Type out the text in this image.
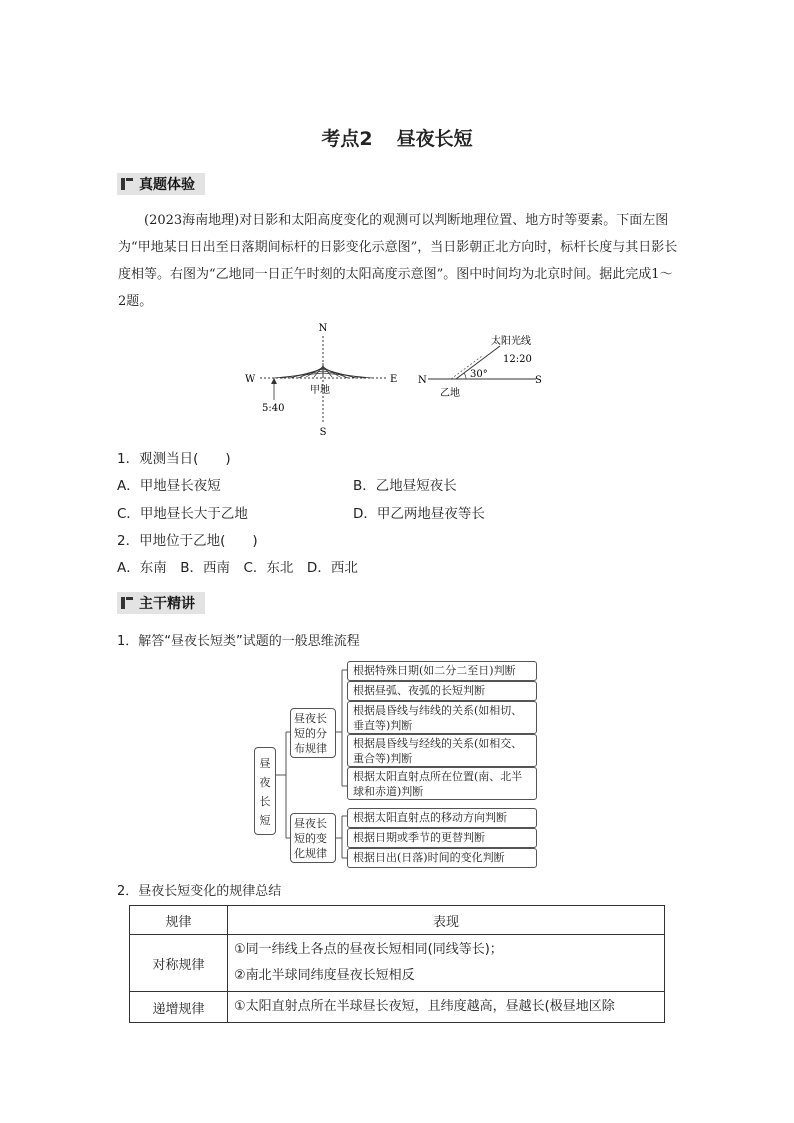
考点2 昼夜长短
真题体验
(2023海南地理)对日影和太阳高度变化的观测可以判断地理位置、地方时等要素。下面左图为“甲地某日日出至日落期间标杆的日影变化示意图”，当日影朝正北方向时，标杆长度与其日影长度相等。右图为“乙地同一日正午时刻的太阳高度示意图”。图中时间均为北京时间。据此完成1～2题。
N
S
W	E
甲地
5:40
太阳光线
12:20
30°
N	S
乙地
1．观测当日(　　)
A．甲地昼长夜短	B．乙地昼短夜长
C．甲地昼长大于乙地	D．甲乙两地昼夜等长
2．甲地位于乙地(　　)
A．东南　B．西南　C．东北　D．西北
主干精讲
1．解答“昼夜长短类”试题的一般思维流程
昼
夜
长
短
昼夜长短的分布规律
昼夜长短的变化规律
根据特殊日期(如二分二至日)判断
根据昼弧、夜弧的长短判断
根据晨昏线与纬线的关系(如相切、垂直等)判断
根据晨昏线与经线的关系(如相交、重合等)判断
根据太阳直射点所在位置(南、北半球和赤道)判断
根据太阳直射点的移动方向判断
根据日期或季节的更替判断
根据日出(日落)时间的变化判断
2．昼夜长短变化的规律总结
规律	表现
对称规律	①同一纬线上各点的昼夜长短相同(同线等长)；
②南北半球同纬度昼夜长短相反

递增规律	①太阳直射点所在半球昼长夜短，且纬度越高，昼越长(极昼地区除
